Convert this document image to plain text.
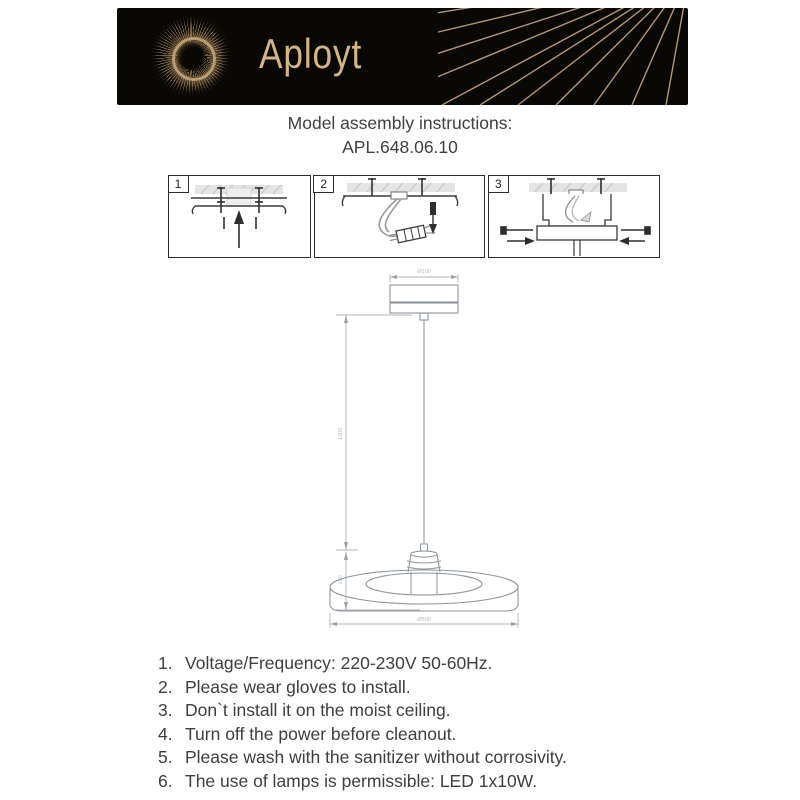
Aployt
Model assembly instructions:
APL.648.06.10
1	2	3
Ø100
1200
160
Ø500
1. Voltage/Frequency: 220-230V 50-60Hz.
2. Please wear gloves to install.
3. Don`t install it on the moist ceiling.
4. Turn off the power before cleanout.
5. Please wash with the sanitizer without corrosivity.
6. The use of lamps is permissible: LED 1x10W.
